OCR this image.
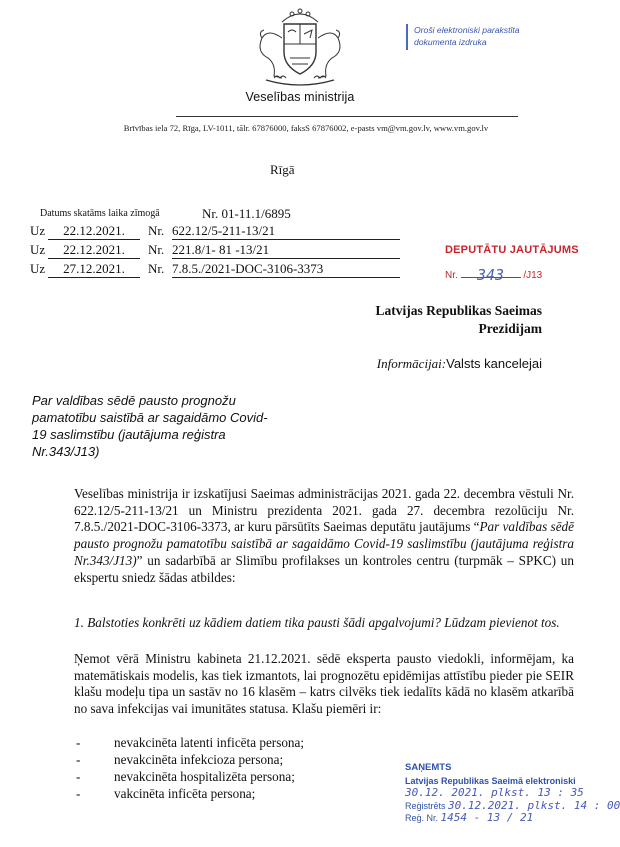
Veselības ministrija
Brīvības iela 72, Rīga, LV-1011, tālr. 67876000, faksS 67876002, e-pasts vm@vm.gov.lv, www.vm.gov.lv
Oroši elektroniski parakstīta
dokumenta izdruka
Rīgā
Datums skatāms laika zīmogā	Nr. 01-11.1/6895
Uz	22.12.2021.	Nr. 622.12/5-211-13/21
Uz	22.12.2021.	Nr. 221.8/1- 81 -13/21
Uz	27.12.2021.	Nr. 7.8.5./2021-DOC-3106-3373
DEPUTĀTU JAUTĀJUMS
Nr.	/J13
343
Latvijas Republikas Saeimas
Prezidijam
Informācijai:Valsts kancelejai
Par valdības sēdē pausto prognožu pamatotību saistībā ar sagaidāmo Covid-19 saslimstību (jautājuma reģistra Nr.343/J13)
Veselības ministrija ir izskatījusi Saeimas administrācijas 2021. gada 22. decembra vēstuli Nr. 622.12/5-211-13/21 un Ministru prezidenta 2021. gada 27. decembra rezolūciju Nr. 7.8.5./2021-DOC-3106-3373, ar kuru pārsūtīts Saeimas deputātu jautājums “Par valdības sēdē pausto prognožu pamatotību saistībā ar sagaidāmo Covid-19 saslimstību (jautājuma reģistra Nr.343/J13)” un sadarbībā ar Slimību profilakses un kontroles centru (turpmāk – SPKC) un ekspertu sniedz šādas atbildes:
1. Balstoties konkrēti uz kādiem datiem tika pausti šādi apgalvojumi? Lūdzam pievienot tos.
Ņemot vērā Ministru kabineta 21.12.2021. sēdē eksperta pausto viedokli, informējam, ka matemātiskais modelis, kas tiek izmantots, lai prognozētu epidēmijas attīstību pieder pie SEIR klašu modeļu tipa un sastāv no 16 klasēm – katrs cilvēks tiek iedalīts kādā no klasēm atkarībā no sava infekcijas vai imunitātes statusa. Klašu piemēri ir:
-	nevakcinēta latenti inficēta persona;
-	nevakcinēta infekcioza persona;
-	nevakcinēta hospitalizēta persona;
-	vakcinēta inficēta persona;
SAŅEMTS
Latvijas Republikas Saeimā elektroniski
30.12. 2021. plkst. 13 : 35
Reģistrēts 30.12.2021. plkst. 14 : 00
Reģ. Nr. 1454 - 13 / 21
